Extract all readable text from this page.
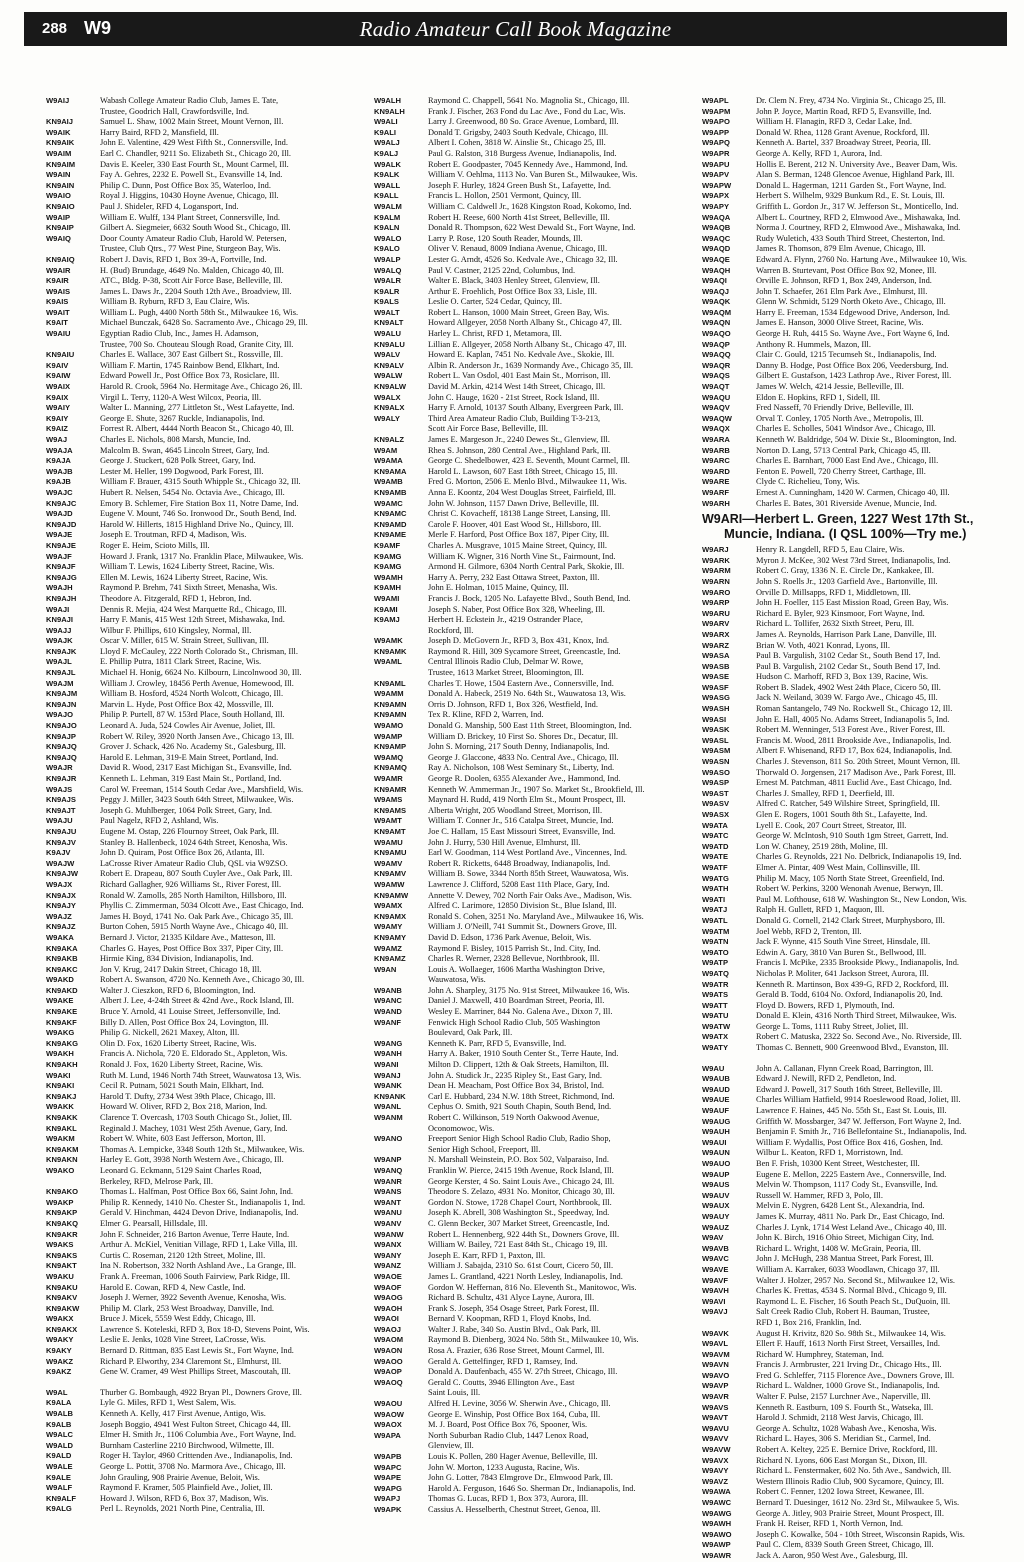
288 W9	Radio Amateur Call Book Magazine
W9AIJ	Wabash College Amateur Radio Club, James E. Tate,
Trustee, Goodrich Hall, Crawfordsville, Ind.
KN9AIJ	Samuel L. Shaw, 1002 Main Street, Mount Vernon, Ill.
W9AIK	Harry Baird, RFD 2, Mansfield, Ill.
KN9AIK	John E. Valentine, 429 West Fifth St., Connersville, Ind.
W9AIM	Earl C. Chandler, 9211 So. Elizabeth St., Chicago 20, Ill.
KN9AIM	Davis E. Keeler, 330 East Fourth St., Mount Carmel, Ill.
W9AIN	Fay A. Gehres, 2232 E. Powell St., Evansville 14, Ind.
KN9AIN	Philip C. Dunn, Post Office Box 35, Waterloo, Ind.
W9AIO	Royal J. Higgins, 10430 Hoyne Avenue, Chicago, Ill.
KN9AIO	Paul J. Shideler, RFD 4, Logansport, Ind.
W9AIP	William E. Wulff, 134 Plant Street, Connersville, Ind.
KN9AIP	Gilbert A. Siegmeier, 6632 South Wood St., Chicago, Ill.
W9AIQ	Door County Amateur Radio Club, Harold W. Petersen,
Trustee, Club Qtrs., 77 West Pine, Sturgeon Bay, Wis.
KN9AIQ	Robert J. Davis, RFD 1, Box 39-A, Fortville, Ind.
W9AIR	H. (Bud) Brundage, 4649 No. Malden, Chicago 40, Ill.
K9AIR	ATC., Bldg. P-38, Scott Air Force Base, Belleville, Ill.
W9AIS	James L. Daws Jr., 2204 South 12th Ave., Broadview, Ill.
K9AIS	William B. Ryburn, RFD 3, Eau Claire, Wis.
W9AIT	William L. Pugh, 4400 North 58th St., Milwaukee 16, Wis.
K9AIT	Michael Bunczak, 6428 So. Sacramento Ave., Chicago 29, Ill.
W9AIU	Egyptian Radio Club, Inc., James H. Adamson,
Trustee, 700 So. Chouteau Slough Road, Granite City, Ill.
KN9AIU	Charles E. Wallace, 307 East Gilbert St., Rossville, Ill.
K9AIV	William F. Martin, 1745 Rainbow Bend, Elkhart, Ind.
K9AIW	Edward Powell Jr., Post Office Box 73, Rosiclare, Ill.
W9AIX	Harold R. Crook, 5964 No. Hermitage Ave., Chicago 26, Ill.
K9AIX	Virgil L. Terry, 1120-A West Wilcox, Peoria, Ill.
W9AIY	Walter L. Manning, 277 Littleton St., West Lafayette, Ind.
K9AIY	George E. Shute, 3267 Ruckle, Indianapolis, Ind.
K9AIZ	Forrest R. Albert, 4444 North Beacon St., Chicago 40, Ill.
W9AJ	Charles E. Nichols, 808 Marsh, Muncie, Ind.
W9AJA	Malcolm B. Swan, 4645 Lincoln Street, Gary, Ind.
K9AJA	George J. Stuckert, 628 Polk Street, Gary, Ind.
W9AJB	Lester M. Heller, 199 Dogwood, Park Forest, Ill.
K9AJB	William F. Brauer, 4315 South Whipple St., Chicago 32, Ill.
W9AJC	Hubert R. Nelsen, 5454 No. Octavia Ave., Chicago, Ill.
KN9AJC	Emory B. Schlemer, Fire Station Box 11, Notre Dame, Ind.
W9AJD	Eugene V. Mount, 746 So. Ironwood Dr., South Bend, Ind.
KN9AJD	Harold W. Hillerts, 1815 Highland Drive No., Quincy, Ill.
W9AJE	Joseph E. Troutman, RFD 4, Madison, Wis.
KN9AJE	Roger E. Heim, Scioto Mills, Ill.
W9AJF	Howard J. Frank, 1317 No. Franklin Place, Milwaukee, Wis.
KN9AJF	William T. Lewis, 1624 Liberty Street, Racine, Wis.
KN9AJG	Ellen M. Lewis, 1624 Liberty Street, Racine, Wis.
W9AJH	Raymond P. Brehm, 741 Sixth Street, Menasha, Wis.
KN9AJH	Theodore A. Fitzgerald, RFD 1, Hebron, Ind.
W9AJI	Dennis R. Mejia, 424 West Marquette Rd., Chicago, Ill.
KN9AJI	Harry F. Manis, 415 West 12th Street, Mishawaka, Ind.
W9AJJ	Wilbur F. Phillips, 610 Kingsley, Normal, Ill.
W9AJK	Oscar V. Miller, 615 W. Strain Street, Sullivan, Ill.
KN9AJK	Lloyd F. McCauley, 222 North Colorado St., Chrisman, Ill.
W9AJL	E. Phillip Putra, 1811 Clark Street, Racine, Wis.
KN9AJL	Michael H. Honig, 6624 No. Kilbourn, Lincolnwood 30, Ill.
W9AJM	William J. Crowley, 18456 Perth Avenue, Homewood, Ill.
KN9AJM	William B. Hosford, 4524 North Wolcott, Chicago, Ill.
KN9AJN	Marvin L. Hyde, Post Office Box 42, Mossville, Ill.
W9AJO	Philip P. Purtell, 87 W. 153rd Place, South Holland, Ill.
KN9AJO	Leonard A. Juda, 524 Cowles Air Avenue, Joliet, Ill.
KN9AJP	Robert W. Riley, 3920 North Jansen Ave., Chicago 13, Ill.
KN9AJQ	Grover J. Schack, 426 No. Academy St., Galesburg, Ill.
KN9AJQ	Harold E. Lehman, 319-E Main Street, Portland, Ind.
W9AJR	David R. Wood, 2317 East Michigan St., Evansville, Ind.
KN9AJR	Kenneth L. Lehman, 319 East Main St., Portland, Ind.
W9AJS	Carol W. Freeman, 1514 South Cedar Ave., Marshfield, Wis.
KN9AJS	Peggy J. Miller, 3423 South 64th Street, Milwaukee, Wis.
KN9AJT	Joseph G. Muhlberger, 1064 Polk Street, Gary, Ind.
W9AJU	Paul Nagelz, RFD 2, Ashland, Wis.
KN9AJU	Eugene M. Ostap, 226 Flournoy Street, Oak Park, Ill.
KN9AJV	Stanley B. Hallenbeck, 1024 64th Street, Kenosha, Wis.
K9AJV	John D. Quiram, Post Office Box 26, Atlanta, Ill.
W9AJW	LaCrosse River Amateur Radio Club, QSL via W9ZSO.
KN9AJW	Robert E. Drapeau, 807 South Cuyler Ave., Oak Park, Ill.
W9AJX	Richard Gallagher, 926 Williams St., River Forest, Ill.
KN9AJX	Ronald W. Zamolls, 285 North Hamilton, Hillsboro, Ill.
KN9AJY	Phyllis C. Zimmerman, 5034 Olcott Ave., East Chicago, Ind.
W9AJZ	James H. Boyd, 1741 No. Oak Park Ave., Chicago 35, Ill.
KN9AJZ	Burton Cohen, 5915 North Wayne Ave., Chicago 40, Ill.
W9AKA	Bernard J. Victor, 21335 Kildare Ave., Matteson, Ill.
KN9AKA	Charles G. Hayes, Post Office Box 337, Piper City, Ill.
KN9AKB	Hirmie King, 834 Division, Indianapolis, Ind.
KN9AKC	Jon V. Krug, 2417 Dakin Street, Chicago 18, Ill.
W9AKD	Robert A. Swanson, 4720 No. Kenneth Ave., Chicago 30, Ill.
KN9AKD	Walter J. Cieszkon, RFD 6, Bloomington, Ind.
W9AKE	Albert J. Lee, 4-24th Street & 42nd Ave., Rock Island, Ill.
KN9AKE	Bruce Y. Arnold, 41 Louise Street, Jeffersonville, Ind.
KN9AKF	Billy D. Allen, Post Office Box 24, Lovington, Ill.
W9AKG	Philip G. Nickell, 2621 Maxey, Alton, Ill.
KN9AKG	Olin D. Fox, 1620 Liberty Street, Racine, Wis.
W9AKH	Francis A. Nichola, 720 E. Eldorado St., Appleton, Wis.
KN9AKH	Ronald J. Fox, 1620 Liberty Street, Racine, Wis.
W9AKI	Ruth M. Lund, 1946 North 74th Street, Wauwatosa 13, Wis.
KN9AKI	Cecil R. Putnam, 5021 South Main, Elkhart, Ind.
KN9AKJ	Harold T. Dufty, 2734 West 39th Place, Chicago, Ill.
W9AKK	Howard W. Oliver, RFD 2, Box 218, Marion, Ind.
KN9AKK	Clarence T. Overcash, 1703 South Chicago St., Joliet, Ill.
KN9AKL	Reginald J. Machey, 1031 West 25th Avenue, Gary, Ind.
W9AKM	Robert W. White, 603 East Jefferson, Morton, Ill.
KN9AKM	Thomas A. Lempicke, 3348 South 12th St., Milwaukee, Wis.
KN9AKN	Harley E. Gott, 3938 North Western Ave., Chicago, Ill.
W9AKO	Leonard G. Eckmann, 5129 Saint Charles Road,
Berkeley, RFD, Melrose Park, Ill.
KN9AKO	Thomas L. Halfman, Post Office Box 66, Saint John, Ind.
W9AKP	Philip R. Kennedy, 1410 No. Chester St., Indianapolis 1, Ind.
KN9AKP	Gerald V. Hinchman, 4424 Devon Drive, Indianapolis, Ind.
KN9AKQ	Elmer G. Pearsall, Hillsdale, Ill.
KN9AKR	John F. Schneider, 216 Barton Avenue, Terre Haute, Ind.
W9AKS	Arthur A. McKiel, Venitian Village, RFD 1, Lake Villa, Ill.
KN9AKS	Curtis C. Roseman, 2120 12th Street, Moline, Ill.
KN9AKT	Ina N. Robertson, 332 North Ashland Ave., La Grange, Ill.
W9AKU	Frank A. Freeman, 1006 South Fairview, Park Ridge, Ill.
KN9AKU	Harold E. Cowan, RFD 4, New Castle, Ind.
KN9AKV	Joseph J. Werner, 3922 Seventh Avenue, Kenosha, Wis.
KN9AKW	Philip M. Clark, 253 West Broadway, Danville, Ind.
W9AKX	Bruce J. Micek, 5559 West Eddy, Chicago, Ill.
KN9AKX	Lawrence S. Koteleski, RFD 3, Box 18-D, Stevens Point, Wis.
W9AKY	Leslie E. Jenks, 1028 Vine Street, LaCrosse, Wis.
K9AKY	Bernard D. Rittman, 835 East Lewis St., Fort Wayne, Ind.
W9AKZ	Richard P. Elworthy, 234 Claremont St., Elmhurst, Ill.
K9AKZ	Gene W. Cramer, 49 West Phillips Street, Mascoutah, Ill.
W9AL	Thurber G. Bombaugh, 4922 Bryan Pl., Downers Grove, Ill.
K9ALA	Lyle G. Miles, RFD 1, West Salem, Wis.
W9ALB	Kenneth A. Kelly, 417 First Avenue, Antigo, Wis.
K9ALB	Joseph Boggio, 4941 West Fulton Street, Chicago 44, Ill.
W9ALC	Elmer H. Smith Jr., 1106 Columbia Ave., Fort Wayne, Ind.
W9ALD	Burnham Casterline 2210 Birchwood, Wilmette, Ill.
K9ALD	Roger H. Taylor, 4960 Crittenden Ave., Indianapolis, Ind.
W9ALE	George L. Pottit, 3708 No. Marmora Ave., Chicago, Ill.
K9ALE	John Grauling, 908 Prairie Avenue, Beloit, Wis.
W9ALF	Raymond F. Kramer, 505 Plainfield Ave., Joliet, Ill.
KN9ALF	Howard J. Wilson, RFD 6, Box 37, Madison, Wis.
K9ALG	Perl L. Reynolds, 2021 North Pine, Centralia, Ill.
W9ALH	Raymond C. Chappell, 5641 No. Magnolia St., Chicago, Ill.
KN9ALH	Frank J. Fischer, 263 Fond du Lac Ave., Fond du Lac, Wis.
W9ALI	Larry J. Greenwood, 80 So. Grace Avenue, Lombard, Ill.
K9ALI	Donald T. Grigsby, 2403 South Kedvale, Chicago, Ill.
W9ALJ	Albert I. Cohen, 3818 W. Ainslie St., Chicago 25, Ill.
K9ALJ	Paul G. Ralston, 318 Burgess Avenue, Indianapolis, Ind.
W9ALK	Robert E. Goodpaster, 7045 Kennedy Ave., Hammond, Ind.
K9ALK	William V. Oehlma, 1113 No. Van Buren St., Milwaukee, Wis.
W9ALL	Joseph F. Hurley, 1824 Green Bush St., Lafayette, Ind.
K9ALL	Francis L. Hollon, 2501 Vermont, Quincy, Ill.
W9ALM	William C. Caldwell Jr., 1628 Kingston Road, Kokomo, Ind.
K9ALM	Robert H. Reese, 600 North 41st Street, Belleville, Ill.
K9ALN	Donald R. Thompson, 622 West Dewald St., Fort Wayne, Ind.
W9ALO	Larry P. Rose, 120 South Reader, Mounds, Ill.
K9ALO	Oliver V. Renaud, 8009 Indiana Avenue, Chicago, Ill.
W9ALP	Lester G. Arndt, 4526 So. Kedvale Ave., Chicago 32, Ill.
W9ALQ	Paul V. Castner, 2125 22nd, Columbus, Ind.
W9ALR	Walter E. Black, 3403 Henley Street, Glenview, Ill.
K9ALR	Arthur E. Froehlich, Post Office Box 33, Lisle, Ill.
K9ALS	Leslie O. Carter, 524 Cedar, Quincy, Ill.
W9ALT	Robert L. Hanson, 1000 Main Street, Green Bay, Wis.
KN9ALT	Howard Allgeyer, 2058 North Albany St., Chicago 47, Ill.
W9ALU	Harley L. Christ, RFD 1, Metamora, Ill.
KN9ALU	Lillian E. Allgeyer, 2058 North Albany St., Chicago 47, Ill.
W9ALV	Howard E. Kaplan, 7451 No. Kedvale Ave., Skokie, Ill.
KN9ALV	Albin R. Anderson Jr., 1639 Normandy Ave., Chicago 35, Ill.
W9ALW	Robert L. Van Osdol, 401 East Main St., Morrison, Ill.
KN9ALW	David M. Arkin, 4214 West 14th Street, Chicago, Ill.
W9ALX	John C. Hauge, 1620 - 21st Street, Rock Island, Ill.
KN9ALX	Harry F. Arnold, 10137 South Albany, Evergreen Park, Ill.
W9ALY	Third Area Amateur Radio Club, Building T-3-213,
Scott Air Force Base, Belleville, Ill.
KN9ALZ	James E. Margeson Jr., 2240 Dewes St., Glenview, Ill.
W9AM	Rhea S. Johnson, 280 Central Ave., Highland Park, Ill.
W9AMA	George C. Shedelbower, 423 E. Seventh, Mount Carmel, Ill.
KN9AMA	Harold L. Lawson, 607 East 18th Street, Chicago 15, Ill.
W9AMB	Fred G. Morton, 2506 E. Menlo Blvd., Milwaukee 11, Wis.
KN9AMB	Anna E. Koontz, 204 West Douglas Street, Fairfield, Ill.
W9AMC	John W. Johnson, 1157 Dawn Drive, Belleville, Ill.
KN9AMC	Christ C. Kovacheff, 18138 Lange Street, Lansing, Ill.
KN9AMD	Carole F. Hoover, 401 East Wood St., Hillsboro, Ill.
KN9AME	Merle F. Harford, Post Office Box 187, Piper City, Ill.
K9AMF	Charles A. Musgrave, 1015 Maine Street, Quincy, Ill.
K9AMG	William K. Wigner, 316 North Vine St., Fairmount, Ind.
K9AMG	Armond H. Gilmore, 6304 North Central Park, Skokie, Ill.
W9AMH	Harry A. Perry, 232 East Ottawa Street, Paxton, Ill.
K9AMH	John E. Holman, 1015 Maine, Quincy, Ill.
W9AMI	Francis J. Bock, 1205 No. Lafayette Blvd., South Bend, Ind.
K9AMI	Joseph S. Naber, Post Office Box 328, Wheeling, Ill.
K9AMJ	Herbert H. Eckstein Jr., 4219 Ostrander Place,
Rockford, Ill.
W9AMK	Joseph D. McGovern Jr., RFD 3, Box 431, Knox, Ind.
KN9AMK	Raymond R. Hill, 309 Sycamore Street, Greencastle, Ind.
W9AML	Central Illinois Radio Club, Delmar W. Rowe,
Trustee, 1613 Market Street, Bloomington, Ill.
KN9AML	Charles T. Howe, 1504 Eastern Ave., Connersville, Ind.
W9AMM	Donald A. Habeck, 2519 No. 64th St., Wauwatosa 13, Wis.
KN9AMN	Orris D. Johnson, RFD 1, Box 326, Westfield, Ind.
KN9AMN	Tex R. Kline, RFD 2, Warren, Ind.
W9AMO	Donald G. Manship, 500 East 11th Street, Bloomington, Ind.
W9AMP	William D. Brickey, 10 First So. Shores Dr., Decatur, Ill.
KN9AMP	John S. Morning, 217 South Denny, Indianapolis, Ind.
W9AMQ	George J. Glaccone, 4833 No. Central Ave., Chicago, Ill.
KN9AMQ	Ray A. Nicholson, 108 West Seminary St., Liberty, Ind.
W9AMR	George R. Doolen, 6355 Alexander Ave., Hammond, Ind.
KN9AMR	Kenneth W. Ammerman Jr., 1907 So. Market St., Brookfield, Ill.
W9AMS	Maynard H. Rudd, 419 North Elm St., Mount Prospect, Ill.
KN9AMS	Alberta Wright, 205 Woodland Street, Morrison, Ill.
W9AMT	William T. Conner Jr., 516 Catalpa Street, Muncie, Ind.
KN9AMT	Joe C. Hallam, 15 East Missouri Street, Evansville, Ind.
W9AMU	John J. Hurry, 530 Hill Avenue, Elmhurst, Ill.
KN9AMU	Earl W. Goodman, 114 West Portland Ave., Vincennes, Ind.
W9AMV	Robert R. Ricketts, 6448 Broadway, Indianapolis, Ind.
KN9AMV	William B. Sowe, 3344 North 85th Street, Wauwatosa, Wis.
W9AMW	Lawrence J. Clifford, 5208 East 11th Place, Gary, Ind.
KN9AMW	Annette V. Dewey, 702 North Fair Oaks Ave., Madison, Wis.
W9AMX	Alfred C. Larimore, 12850 Division St., Blue Island, Ill.
KN9AMX	Ronald S. Cohen, 3251 No. Maryland Ave., Milwaukee 16, Wis.
W9AMY	William J. O'Neill, 741 Summit St., Downers Grove, Ill.
KN9AMY	David D. Edson, 1736 Park Avenue, Beloit, Wis.
W9AMZ	Raymond F. Bisley, 1015 Parrish St., Ind. City, Ind.
KN9AMZ	Charles R. Werner, 2328 Bellevue, Northbrook, Ill.
W9AN	Louis A. Wollaeger, 1606 Martha Washington Drive,
Wauwatosa, Wis.
W9ANB	John A. Sharpley, 3175 No. 91st Street, Milwaukee 16, Wis.
W9ANC	Daniel J. Maxwell, 410 Boardman Street, Peoria, Ill.
W9AND	Wesley E. Marriner, 844 No. Galena Ave., Dixon 7, Ill.
W9ANF	Fenwick High School Radio Club, 505 Washington
Boulevard, Oak Park, Ill.
W9ANG	Kenneth K. Parr, RFD 5, Evansville, Ind.
W9ANH	Harry A. Baker, 1910 South Center St., Terre Haute, Ind.
W9ANI	Milton D. Clippert, 12th & Oak Streets, Hamilton, Ill.
W9ANJ	John A. Studick Jr., 2235 Ripley St., East Gary, Ind.
W9ANK	Dean H. Meacham, Post Office Box 34, Bristol, Ind.
KN9ANK	Carl E. Hubbard, 234 N.W. 18th Street, Richmond, Ind.
W9ANL	Cephus O. Smith, 921 South Chapin, South Bend, Ind.
W9ANM	Robert C. Wilkinson, 519 North Oakwood Avenue,
Oconomowoc, Wis.
W9ANO	Freeport Senior High School Radio Club, Radio Shop,
Senior High School, Freeport, Ill.
W9ANP	N. Marshall Weinstein, P.O. Box 502, Valparaiso, Ind.
W9ANQ	Franklin W. Pierce, 2415 19th Avenue, Rock Island, Ill.
W9ANR	George Kerster, 4 So. Saint Louis Ave., Chicago 24, Ill.
W9ANS	Theodore S. Zelazo, 4931 No. Monitor, Chicago 30, Ill.
W9ANT	Gordon N. Stowe, 1728 Chapel Court, Northbrook, Ill.
W9ANU	Joseph K. Abrell, 308 Washington St., Speedway, Ind.
W9ANV	C. Glenn Becker, 307 Market Street, Greencastle, Ind.
W9ANW	Robert L. Hennenberg, 922 44th St., Downers Grove, Ill.
W9ANX	William W. Bailey, 721 East 84th St., Chicago 19, Ill.
W9ANY	Joseph E. Karr, RFD 1, Paxton, Ill.
W9ANZ	William J. Sabajda, 2310 So. 61st Court, Cicero 50, Ill.
W9AOE	James L. Grantland, 4221 North Lesley, Indianapolis, Ind.
W9AOF	Gordon W. Heffernan, 816 No. Eleventh St., Manitowoc, Wis.
W9AOG	Richard B. Schultz, 431 Alyce Layne, Aurora, Ill.
W9AOH	Frank S. Joseph, 354 Osage Street, Park Forest, Ill.
W9AOI	Bernard V. Koopman, RFD 1, Floyd Knobs, Ind.
W9AOJ	Walter J. Rabe, 340 So. Austin Blvd., Oak Park, Ill.
W9AOM	Raymond B. Dienberg, 3024 No. 58th St., Milwaukee 10, Wis.
W9AON	Rosa A. Frazier, 636 Rose Street, Mount Carmel, Ill.
W9AOO	Gerald A. Gettelfinger, RFD 1, Ramsey, Ind.
W9AOP	Donald A. Daufenbach, 455 W. 27th Street, Chicago, Ill.
W9AOQ	Gerald C. Coutts, 3946 Ellington Ave., East
Saint Louis, Ill.
W9AOU	Alfred H. Levine, 3056 W. Sherwin Ave., Chicago, Ill.
W9AOW	George E. Winship, Post Office Box 164, Cuba, Ill.
W9AOX	M. J. Board, Post Office Box 76, Spooner, Wis.
W9APA	North Suburban Radio Club, 1447 Lenox Road,
Glenview, Ill.
W9APB	Louis K. Pollen, 280 Hager Avenue, Belleville, Ill.
W9APC	John W. Morton, 1233 Augusta, Racine, Wis.
W9APE	John G. Lotter, 7843 Elmgrove Dr., Elmwood Park, Ill.
W9APG	Harold A. Ferguson, 1646 So. Sherman Dr., Indianapolis, Ind.
W9APJ	Thomas G. Lucas, RFD 1, Box 373, Aurora, Ill.
W9APK	Cassius A. Hesselberth, Chestnut Street, Genoa, Ill.
W9APL	Dr. Clem N. Frey, 4734 No. Virginia St., Chicago 25, Ill.
W9APM	John P. Joyce, Martin Road, RFD 5, Evansville, Ind.
W9APO	William H. Flanagin, RFD 3, Cedar Lake, Ind.
W9APP	Donald W. Rhea, 1128 Grant Avenue, Rockford, Ill.
W9APQ	Kenneth A. Bartel, 337 Broadway Street, Peoria, Ill.
W9APR	George A. Kelly, RFD 1, Aurora, Ind.
W9APU	Hollis E. Berent, 212 N. University Ave., Beaver Dam, Wis.
W9APV	Alan S. Berman, 1248 Glencoe Avenue, Highland Park, Ill.
W9APW	Donald L. Hagerman, 1211 Garden St., Fort Wayne, Ind.
W9APX	Herbert S. Wilhelm, 9329 Bunkum Rd., E. St. Louis, Ill.
W9APY	Griffith L. Gordon Jr., 317 W. Jefferson St., Monticello, Ind.
W9AQA	Albert L. Courtney, RFD 2, Elmwood Ave., Mishawaka, Ind.
W9AQB	Norma J. Courtney, RFD 2, Elmwood Ave., Mishawaka, Ind.
W9AQC	Rudy Wuletich, 433 South Third Street, Chesterton, Ind.
W9AQD	James R. Thomson, 879 Elm Avenue, Chicago, Ill.
W9AQE	Edward A. Flynn, 2760 No. Hartung Ave., Milwaukee 10, Wis.
W9AQH	Warren B. Sturtevant, Post Office Box 92, Monee, Ill.
W9AQI	Orville E. Johnson, RFD 1, Box 249, Anderson, Ind.
W9AQJ	John T. Schaefer, 261 Elm Park Ave., Elmhurst, Ill.
W9AQK	Glenn W. Schmidt, 5129 North Oketo Ave., Chicago, Ill.
W9AQM	Harry E. Freeman, 1534 Edgewood Drive, Anderson, Ind.
W9AQN	James E. Hanson, 3000 Olive Street, Racine, Wis.
W9AQO	George H. Ruh, 4415 So. Wayne Ave., Fort Wayne 6, Ind.
W9AQP	Anthony R. Hummels, Mazon, Ill.
W9AQQ	Clair C. Gould, 1215 Tecumseh St., Indianapolis, Ind.
W9AQR	Danny B. Hodge, Post Office Box 206, Veedersburg, Ind.
W9AQS	Gilbert E. Gustafson, 1423 Lathrop Ave., River Forest, Ill.
W9AQT	James W. Welch, 4214 Jessie, Belleville, Ill.
W9AQU	Eldon E. Hopkins, RFD 1, Sidell, Ill.
W9AQV	Fred Nasseff, 70 Friendly Drive, Belleville, Ill.
W9AQW	Orval T. Conley, 1705 North Ave., Metropolis, Ill.
W9AQX	Charles E. Scholles, 5041 Windsor Ave., Chicago, Ill.
W9ARA	Kenneth W. Baldridge, 504 W. Dixie St., Bloomington, Ind.
W9ARB	Norton D. Lang, 5713 Central Park, Chicago 45, Ill.
W9ARC	Charles E. Barnhart, 7000 East End Ave., Chicago, Ill.
W9ARD	Fenton E. Powell, 720 Cherry Street, Carthage, Ill.
W9ARE	Clyde C. Richelieu, Tony, Wis.
W9ARF	Ernest A. Cunningham, 1420 W. Carmen, Chicago 40, Ill.
W9ARH	Charles E. Bates, 301 Riverside Avenue, Muncie, Ind.
W9ARI—Herbert L. Green, 1227 West 17th St.,
Muncie, Indiana. (I QSL 100%—Try me.)
W9ARJ	Henry R. Langdell, RFD 5, Eau Claire, Wis.
W9ARK	Myron J. McKee, 302 West 73rd Street, Indianapolis, Ind.
W9ARM	Robert C. Gray, 1336 N. E. Circle Dr., Kankakee, Ill.
W9ARN	John S. Roells Jr., 1203 Garfield Ave., Bartonville, Ill.
W9ARO	Orville D. Millsapps, RFD 1, Middletown, Ill.
W9ARP	John H. Foeller, 115 East Mission Road, Green Bay, Wis.
W9ARU	Richard E. Byler, 923 Kinsmoor, Fort Wayne, Ind.
W9ARV	Richard L. Tollifer, 2632 Sixth Street, Peru, Ill.
W9ARX	James A. Reynolds, Harrison Park Lane, Danville, Ill.
W9ARZ	Brian W. Voth, 4021 Konrad, Lyons, Ill.
W9ASA	Paul B. Vargulish, 3102 Cedar St., South Bend 17, Ind.
W9ASB	Paul B. Vargulish, 2102 Cedar St., South Bend 17, Ind.
W9ASE	Hudson C. Marhoff, RFD 3, Box 139, Racine, Wis.
W9ASF	Robert B. Sladek, 4902 West 24th Place, Cicero 50, Ill.
W9ASG	Jack N. Weiland, 3039 W. Fargo Ave., Chicago 45, Ill.
W9ASH	Roman Santangelo, 749 No. Rockwell St., Chicago 12, Ill.
W9ASI	John E. Hall, 4005 No. Adams Street, Indianapolis 5, Ind.
W9ASK	Robert M. Wenninger, 513 Forest Ave., River Forest, Ill.
W9ASL	Francis M. Wood, 2811 Brookside Ave., Indianapolis, Ind.
W9ASM	Albert F. Whisenand, RFD 17, Box 624, Indianapolis, Ind.
W9ASN	Charles J. Stevenson, 811 So. 20th Street, Mount Vernon, Ill.
W9ASO	Thorwald O. Jorgensen, 217 Madison Ave., Park Forest, Ill.
W9ASP	Ernest M. Patchman, 4811 Euclid Ave., East Chicago, Ind.
W9AST	Charles J. Smalley, RFD 1, Deerfield, Ill.
W9ASV	Alfred C. Ratcher, 549 Wilshire Street, Springfield, Ill.
W9ASX	Glen E. Rogers, 1001 South 8th St., Lafayette, Ind.
W9ATA	Lyell E. Cook, 207 Court Street, Streator, Ill.
W9ATC	George W. McIntosh, 910 South 1gm Street, Garrett, Ind.
W9ATD	Lon W. Chaney, 2519 28th, Moline, Ill.
W9ATE	Charles G. Reynolds, 221 No. Delbrick, Indianapolis 19, Ind.
W9ATF	Elmer A. Pintar, 409 West Main, Collinsville, Ill.
W9ATG	Philip M. Macy, 105 North State Street, Greenfield, Ind.
W9ATH	Robert W. Perkins, 3200 Wenonah Avenue, Berwyn, Ill.
W9ATI	Paul M. Lofthouse, 618 W. Washington St., New London, Wis.
W9ATJ	Ralph H. Gullett, RFD 1, Maquon, Ill.
W9ATL	Donald G. Cornell, 2142 Clark Street, Murphysboro, Ill.
W9ATM	Joel Webb, RFD 2, Trenton, Ill.
W9ATN	Jack F. Wynne, 415 South Vine Street, Hinsdale, Ill.
W9ATO	Edwin A. Gary, 3810 Van Buren St., Bellwood, Ill.
W9ATP	Francis I. McPike, 2335 Brookside Pkwy., Indianapolis, Ind.
W9ATQ	Nicholas P. Moliter, 641 Jackson Street, Aurora, Ill.
W9ATR	Kenneth R. Martinson, Box 439-G, RFD 2, Rockford, Ill.
W9ATS	Gerald B. Todd, 6104 No. Oxford, Indianapolis 20, Ind.
W9ATT	Floyd D. Bowers, RFD 1, Plymouth, Ind.
W9ATU	Donald E. Klein, 4316 North Third Street, Milwaukee, Wis.
W9ATW	George L. Toms, 1111 Ruby Street, Joliet, Ill.
W9ATX	Robert C. Matuska, 2322 So. Second Ave., No. Riverside, Ill.
W9ATY	Thomas C. Bennett, 900 Greenwood Blvd., Evanston, Ill.
W9AU	John A. Callanan, Flynn Creek Road, Barrington, Ill.
W9AUB	Edward J. Newill, RFD 2, Pendleton, Ind.
W9AUD	Edward J. Powell, 317 South 16th Street, Belleville, Ill.
W9AUE	Charles William Hatfield, 9914 Roeslewood Road, Joliet, Ill.
W9AUF	Lawrence F. Haines, 445 No. 55th St., East St. Louis, Ill.
W9AUG	Griffith W. Mossbarger, 347 W. Jefferson, Fort Wayne 2, Ind.
W9AUH	Benjamin F. Smith Jr., 716 Bellefontaine St., Indianapolis, Ind.
W9AUI	William F. Wydallis, Post Office Box 416, Goshen, Ind.
W9AUN	Wilbur L. Keaton, RFD 1, Morristown, Ind.
W9AUO	Ben F. Frish, 10300 Kent Street, Westchester, Ill.
W9AUP	Eugene E. Mellon, 2225 Eastern Ave., Connersville, Ind.
W9AUS	Melvin W. Thompson, 1117 Cody St., Evansville, Ind.
W9AUV	Russell W. Hammer, RFD 3, Polo, Ill.
W9AUX	Melvin E. Nygren, 6428 Lent St., Alexandria, Ind.
W9AUY	James K. Murray, 4811 No. Park Dr., East Chicago, Ind.
W9AUZ	Charles J. Lynk, 1714 West Leland Ave., Chicago 40, Ill.
W9AV	John K. Birch, 1916 Ohio Street, Michigan City, Ind.
W9AVB	Richard L. Wright, 1408 W. McGrain, Peoria, Ill.
W9AVC	John J. McHugh, 238 Mantua Street, Park Forest, Ill.
W9AVE	William A. Karraker, 6033 Woodlawn, Chicago 37, Ill.
W9AVF	Walter J. Holzer, 2957 No. Second St., Milwaukee 12, Wis.
W9AVH	Charles K. Frettas, 4534 S. Normal Blvd., Chicago 9, Ill.
W9AVI	Raymond L. E. Fischer, 16 South Peach St., DuQuoin, Ill.
W9AVJ	Salt Creek Radio Club, Robert H. Bauman, Trustee,
RFD 1, Box 216, Franklin, Ind.
W9AVK	August H. Krivitz, 820 So. 98th St., Milwaukee 14, Wis.
W9AVL	Ellert F. Hauff, 1613 North First Street, Versailles, Ind.
W9AVM	Richard W. Humphrey, Stateman, Ind.
W9AVN	Francis J. Armbruster, 221 Irving Dr., Chicago Hts., Ill.
W9AVO	Fred G. Schleffer, 7115 Florence Ave., Downers Grove, Ill.
W9AVP	Richard L. Waldner, 1000 Grove St., Indianapolis, Ind.
W9AVR	Walter F. Pulse, 2157 Lurchner Ave., Naperville, Ill.
W9AVS	Kenneth R. Eastburn, 109 S. Fourth St., Watseka, Ill.
W9AVT	Harold J. Schmidt, 2118 West Jarvis, Chicago, Ill.
W9AVU	George A. Schultz, 1028 Wabash Ave., Kenosha, Wis.
W9AVV	Richard L. Hayes, 306 S. Meridian St., Carmel, Ind.
W9AVW	Robert A. Keltey, 225 E. Bernice Drive, Rockford, Ill.
W9AVX	Richard N. Lyons, 606 East Morgan St., Dixon, Ill.
W9AVY	Richard L. Fenstermaker, 602 No. 5th Ave., Sandwich, Ill.
W9AVZ	Western Illinois Radio Club, 900 Sycamore, Quincy, Ill.
W9AWA	Robert C. Fenner, 1202 Iowa Street, Kewanee, Ill.
W9AWC	Bernard T. Duesinger, 1612 No. 23rd St., Milwaukee 5, Wis.
W9AWG	George A. Jitley, 903 Prairie Street, Mount Prospect, Ill.
W9AWH	Frank H. Reiser, RFD 1, North Vernon, Ind.
W9AWO	Joseph C. Kowalke, 504 - 10th Street, Wisconsin Rapids, Wis.
W9AWP	Paul C. Clem, 8339 South Green Street, Chicago, Ill.
W9AWR	Jack A. Aaron, 950 West Ave., Galesburg, Ill.
